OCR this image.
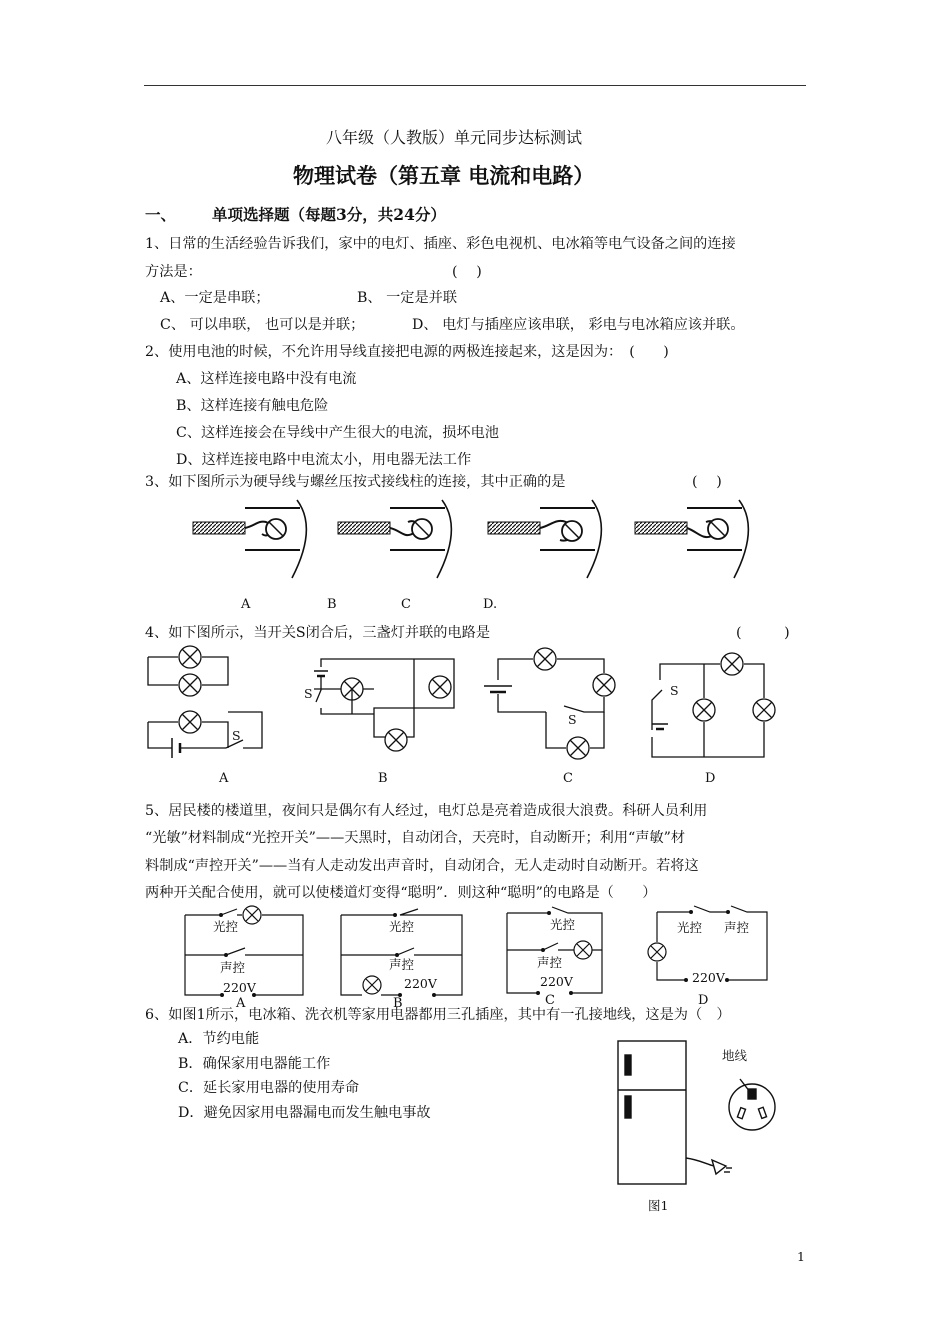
八年级（人教版）单元同步达标测试
物理试卷（第五章 电流和电路）
一、 单项选择题（每题3分，共24分）
1、日常的生活经验告诉我们，家中的电灯、插座、彩色电视机、电冰箱等电气设备之间的连接
方法是：	(　 )
A、一定是串联；	B、 一定是并联
C、 可以串联， 也可以是并联；	D、 电灯与插座应该串联， 彩电与电冰箱应该并联。
2、使用电池的时候，不允许用导线直接把电源的两极连接起来，这是因为：　(　　)
A、这样连接电路中没有电流
B、这样连接有触电危险
C、这样连接会在导线中产生很大的电流，损坏电池
D、这样连接电路中电流太小，用电器无法工作
3、如下图所示为硬导线与螺丝压按式接线柱的连接，其中正确的是	(　 )
A	B	C	D.
4、如下图所示，当开关S闭合后，三盏灯并联的电路是	(　　　)
S
S
S
S
A	B	C	D
5、居民楼的楼道里，夜间只是偶尔有人经过，电灯总是亮着造成很大浪费。科研人员利用
“光敏”材料制成“光控开关”——天黑时，自动闭合，天亮时，自动断开；利用“声敏”材
料制成“声控开关”——当有人走动发出声音时，自动闭合，无人走动时自动断开。若将这
两种开关配合使用，就可以使楼道灯变得“聪明”．则这种“聪明”的电路是（　　）
光控
声控
220V
光控
声控
220V
光控
声控
220V
光控 声控
220V
A	B	C	D
6、如图1所示，电冰箱、洗衣机等家用电器都用三孔插座，其中有一孔接地线，这是为（　）
A．节约电能
B．确保家用电器能工作
C．延长家用电器的使用寿命
D．避免因家用电器漏电而发生触电事故
地线
图1
1
